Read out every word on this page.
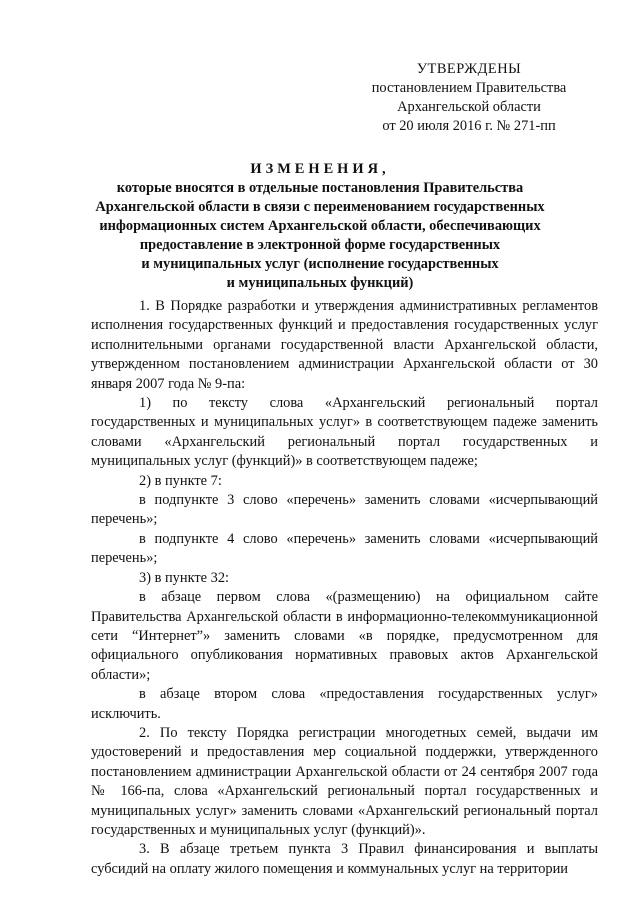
УТВЕРЖДЕНЫ
постановлением Правительства
Архангельской области
от 20 июля 2016 г. № 271-пп
ИЗМЕНЕНИЯ,
которые вносятся в отдельные постановления Правительства
Архангельской области в связи с переименованием государственных
информационных систем Архангельской области, обеспечивающих
предоставление в электронной форме государственных
и муниципальных услуг (исполнение государственных
и муниципальных функций)

1. В Порядке разработки и утверждения административных регламентов исполнения государственных функций и предоставления государственных услуг исполнительными органами государственной власти Архангельской области, утвержденном постановлением администрации Архангельской области от 30 января 2007 года № 9-па:

1) по тексту слова «Архангельский региональный портал государственных и муниципальных услуг» в соответствующем падеже заменить словами «Архангельский региональный портал государственных и муниципальных услуг (функций)» в соответствующем падеже;

2) в пункте 7:

в подпункте 3 слово «перечень» заменить словами «исчерпывающий перечень»;

в подпункте 4 слово «перечень» заменить словами «исчерпывающий перечень»;

3) в пункте 32:

в абзаце первом слова «(размещению) на официальном сайте Правительства Архангельской области в информационно-телекоммуникационной сети “Интернет”» заменить словами «в порядке, предусмотренном для официального опубликования нормативных правовых актов Архангельской области»;

в абзаце втором слова «предоставления государственных услуг» исключить.

2. По тексту Порядка регистрации многодетных семей, выдачи им удостоверений и предоставления мер социальной поддержки, утвержденного постановлением администрации Архангельской области от 24 сентября 2007 года № 166-па, слова «Архангельский региональный портал государственных и муниципальных услуг» заменить словами «Архангельский региональный портал государственных и муниципальных услуг (функций)».

3. В абзаце третьем пункта 3 Правил финансирования и выплаты субсидий на оплату жилого помещения и коммунальных услуг на территории
